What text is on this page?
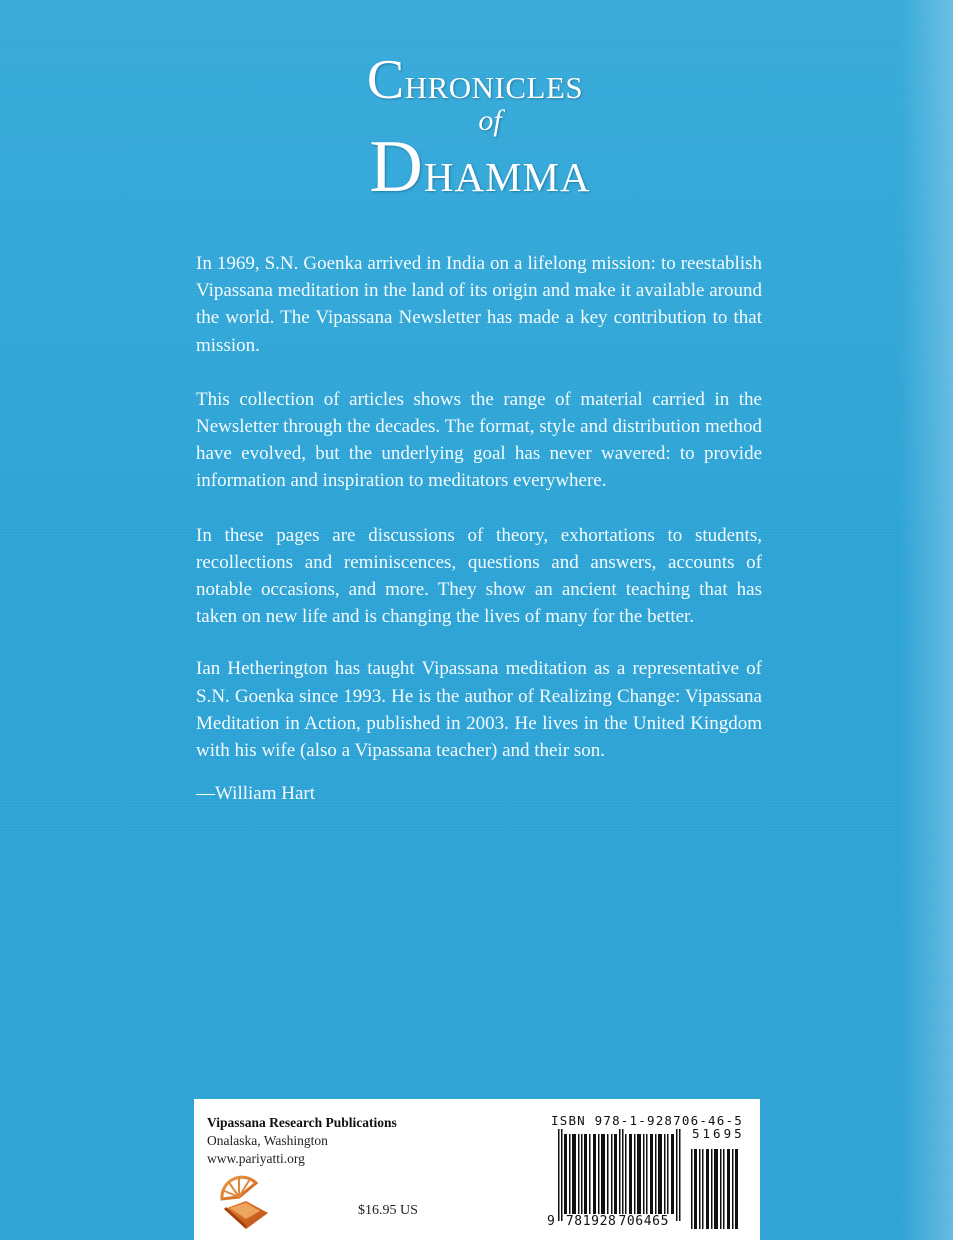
Chronicles
of
Dhamma

In 1969, S.N. Goenka arrived in India on a lifelong mission: to reestablish Vipassana meditation in the land of its origin and make it available around the world. The Vipassana Newsletter has made a key contribution to that mission.

This collection of articles shows the range of material carried in the Newsletter through the decades. The format, style and distribution method have evolved, but the underlying goal has never wavered: to provide information and inspiration to meditators everywhere.

In these pages are discussions of theory, exhortations to students, recollections and reminiscences, questions and answers, accounts of notable occasions, and more. They show an ancient teaching that has taken on new life and is changing the lives of many for the better.

Ian Hetherington has taught Vipassana meditation as a representative of S.N. Goenka since 1993. He is the author of Realizing Change: Vipassana Meditation in Action, published in 2003. He lives in the United Kingdom with his wife (also a Vipassana teacher) and their son.

—William Hart

Vipassana Research Publications
Onalaska, Washington
www.pariyatti.org
$16.95 US
ISBN 978-1-928706-46-5
51695
9 781928 706465
